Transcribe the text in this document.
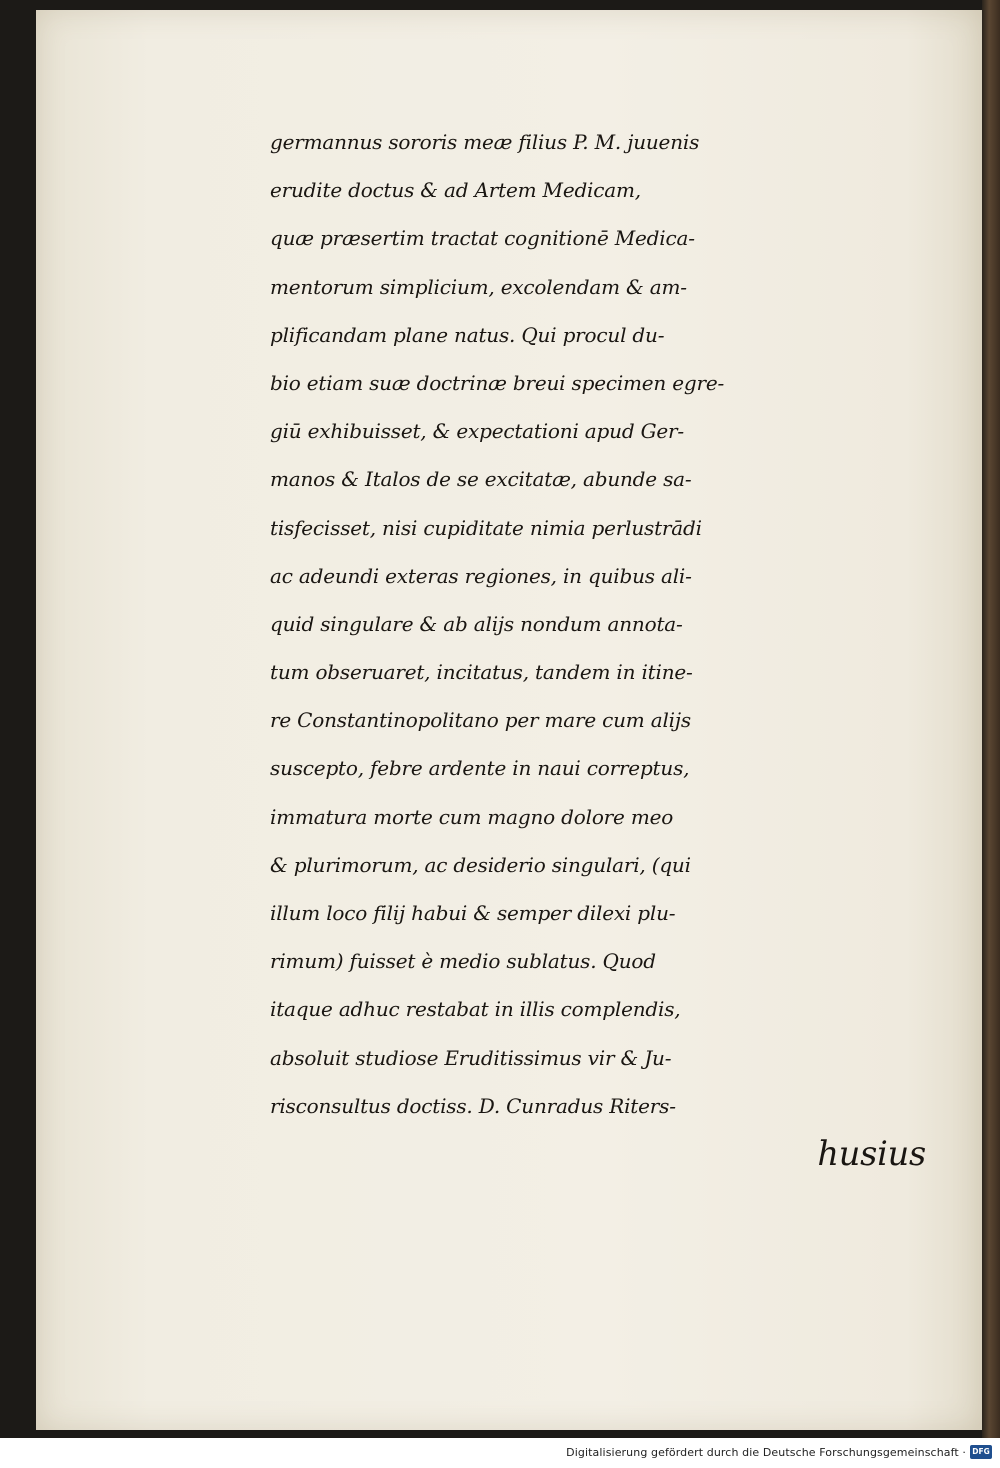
germannus sororis meæ filius P. M. juuenis
erudite doctus & ad Artem Medicam,
quæ præsertim tractat cognitionē Medica-
mentorum simplicium, excolendam & am-
plificandam plane natus. Qui procul du-
bio etiam suæ doctrinæ breui specimen egre-
giū exhibuisset, & expectationi apud Ger-
manos & Italos de se excitatæ, abunde sa-
tisfecisset, nisi cupiditate nimia perlustrādi
ac adeundi exteras regiones, in quibus ali-
quid singulare & ab alijs nondum annota-
tum obseruaret, incitatus, tandem in itine-
re Constantinopolitano per mare cum alijs
suscepto, febre ardente in naui correptus,
immatura morte cum magno dolore meo
& plurimorum, ac desiderio singulari, (qui
illum loco filij habui & semper dilexi plu-
rimum) fuisset è medio sublatus. Quod
itaque adhuc restabat in illis complendis,
absoluit studiose Eruditissimus vir & Ju-
risconsultus doctiss. D. Cunradus Riters-
husius
Digitalisierung gefördert durch die Deutsche Forschungsgemeinschaft · DFG
